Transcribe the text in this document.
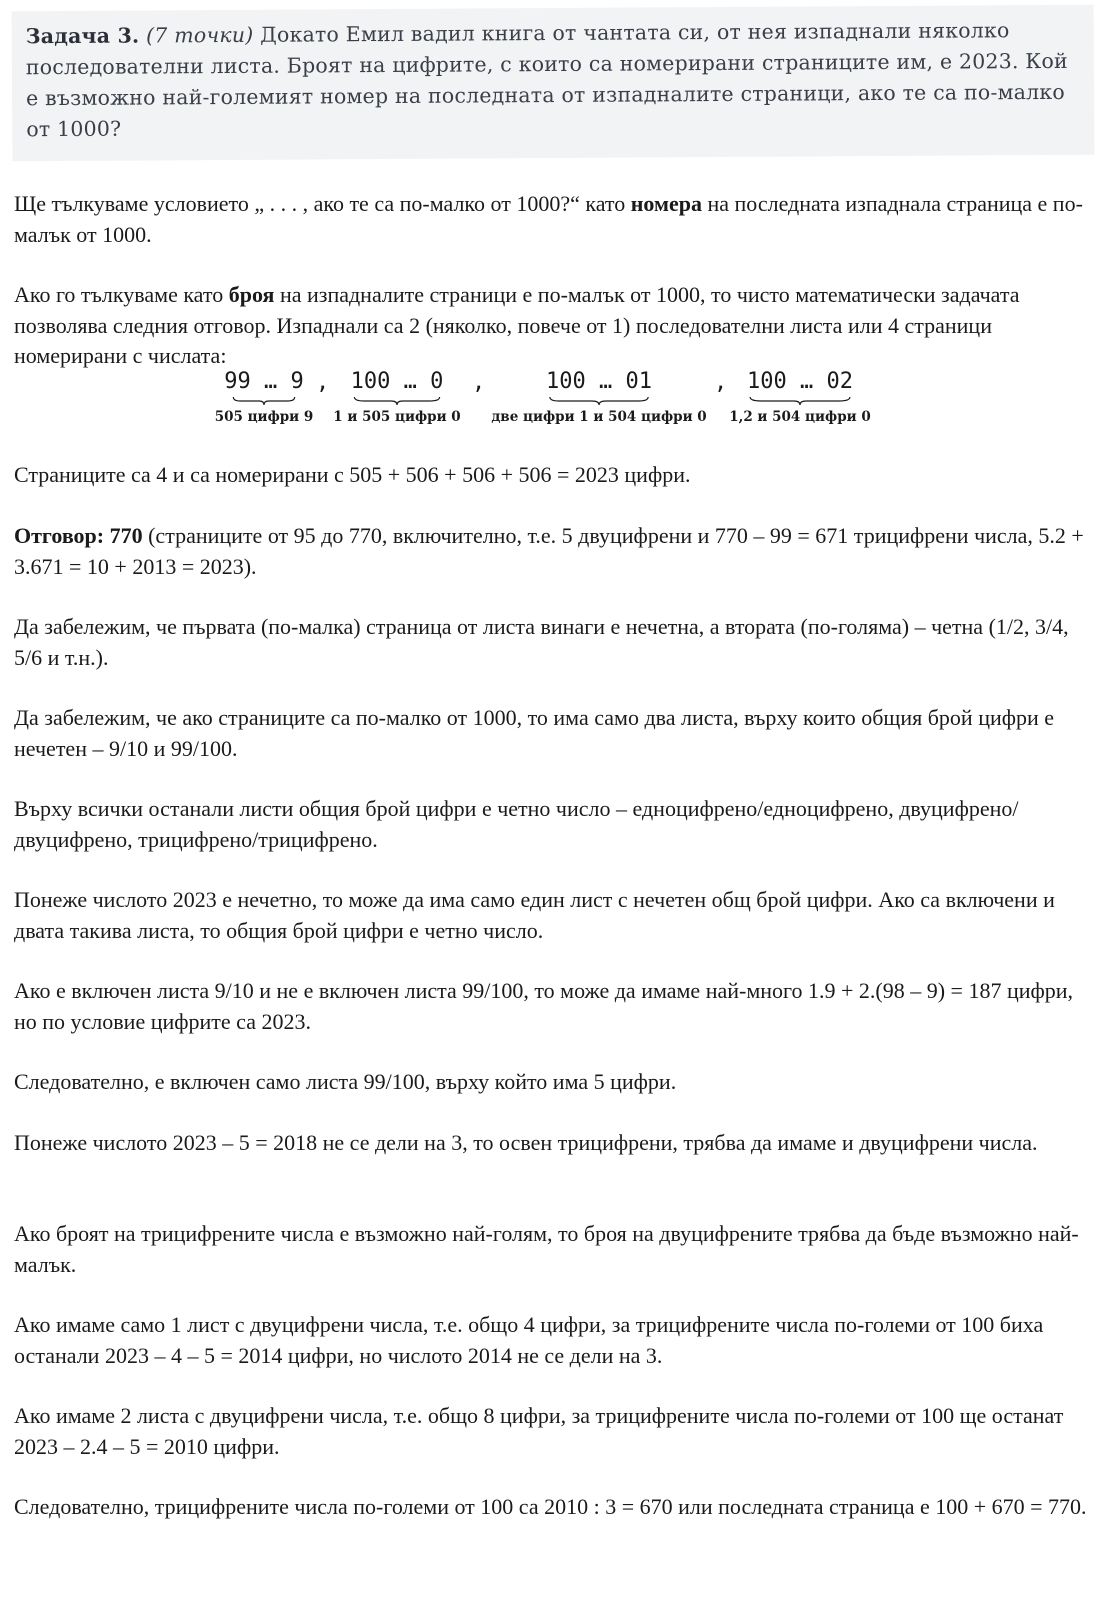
Задача 3. (7 точки) Докато Емил вадил книга от чантата си, от нея изпаднали няколко последователни листа. Броят на цифрите, с които са номерирани страниците им, е 2023. Кой е възможно най-големият номер на последната от изпадналите страници, ако те са по-малко от 1000?

Ще тълкуваме условието „ . . . , ако те са по-малко от 1000?“ като номера на последната изпаднала страница е по-малък от 1000.

Ако го тълкуваме като броя на изпадналите страници е по-малък от 1000, то чисто математически задачата позволява следния отговор. Изпаднали са 2 (няколко, повече от 1) последователни листа или 4 страници номерирани с числата:

99 … 9
505 цифри 9
, 100 … 0
1 и 505 цифри 0
,	100 … 01
две цифри 1 и 504 цифри 0
, 100 … 02
1,2 и 504 цифри 0

Страниците са 4 и са номерирани с 505 + 506 + 506 + 506 = 2023 цифри.

Отговор: 770 (страниците от 95 до 770, включително, т.е. 5 двуцифрени и 770 – 99 = 671 трицифрени числа, 5.2 + 3.671 = 10 + 2013 = 2023).

Да забележим, че първата (по-малка) страница от листа винаги е нечетна, а втората (по-голяма) – четна (1/2, 3/4, 5/6 и т.н.).

Да забележим, че ако страниците са по-малко от 1000, то има само два листа, върху които общия брой цифри е нечетен – 9/10 и 99/100.

Върху всички останали листи общия брой цифри е четно число – едноцифрено/едноцифрено, двуцифрено/двуцифрено, трицифрено/трицифрено.

Понеже числото 2023 е нечетно, то може да има само един лист с нечетен общ брой цифри. Ако са включени и двата такива листа, то общия брой цифри е четно число.

Ако е включен листа 9/10 и не е включен листа 99/100, то може да имаме най-много 1.9 + 2.(98 – 9) = 187 цифри, но по условие цифрите са 2023.

Следователно, е включен само листа 99/100, върху който има 5 цифри.

Понеже числото 2023 – 5 = 2018 не се дели на 3, то освен трицифрени, трябва да имаме и двуцифрени числа.

Ако броят на трицифрените числа е възможно най-голям, то броя на двуцифрените трябва да бъде възможно най-малък.

Ако имаме само 1 лист с двуцифрени числа, т.е. общо 4 цифри, за трицифрените числа по-големи от 100 биха останали 2023 – 4 – 5 = 2014 цифри, но числото 2014 не се дели на 3.

Ако имаме 2 листа с двуцифрени числа, т.е. общо 8 цифри, за трицифрените числа по-големи от 100 ще останат 2023 – 2.4 – 5 = 2010 цифри.

Следователно, трицифрените числа по-големи от 100 са 2010 : 3 = 670 или последната страница е 100 + 670 = 770.
